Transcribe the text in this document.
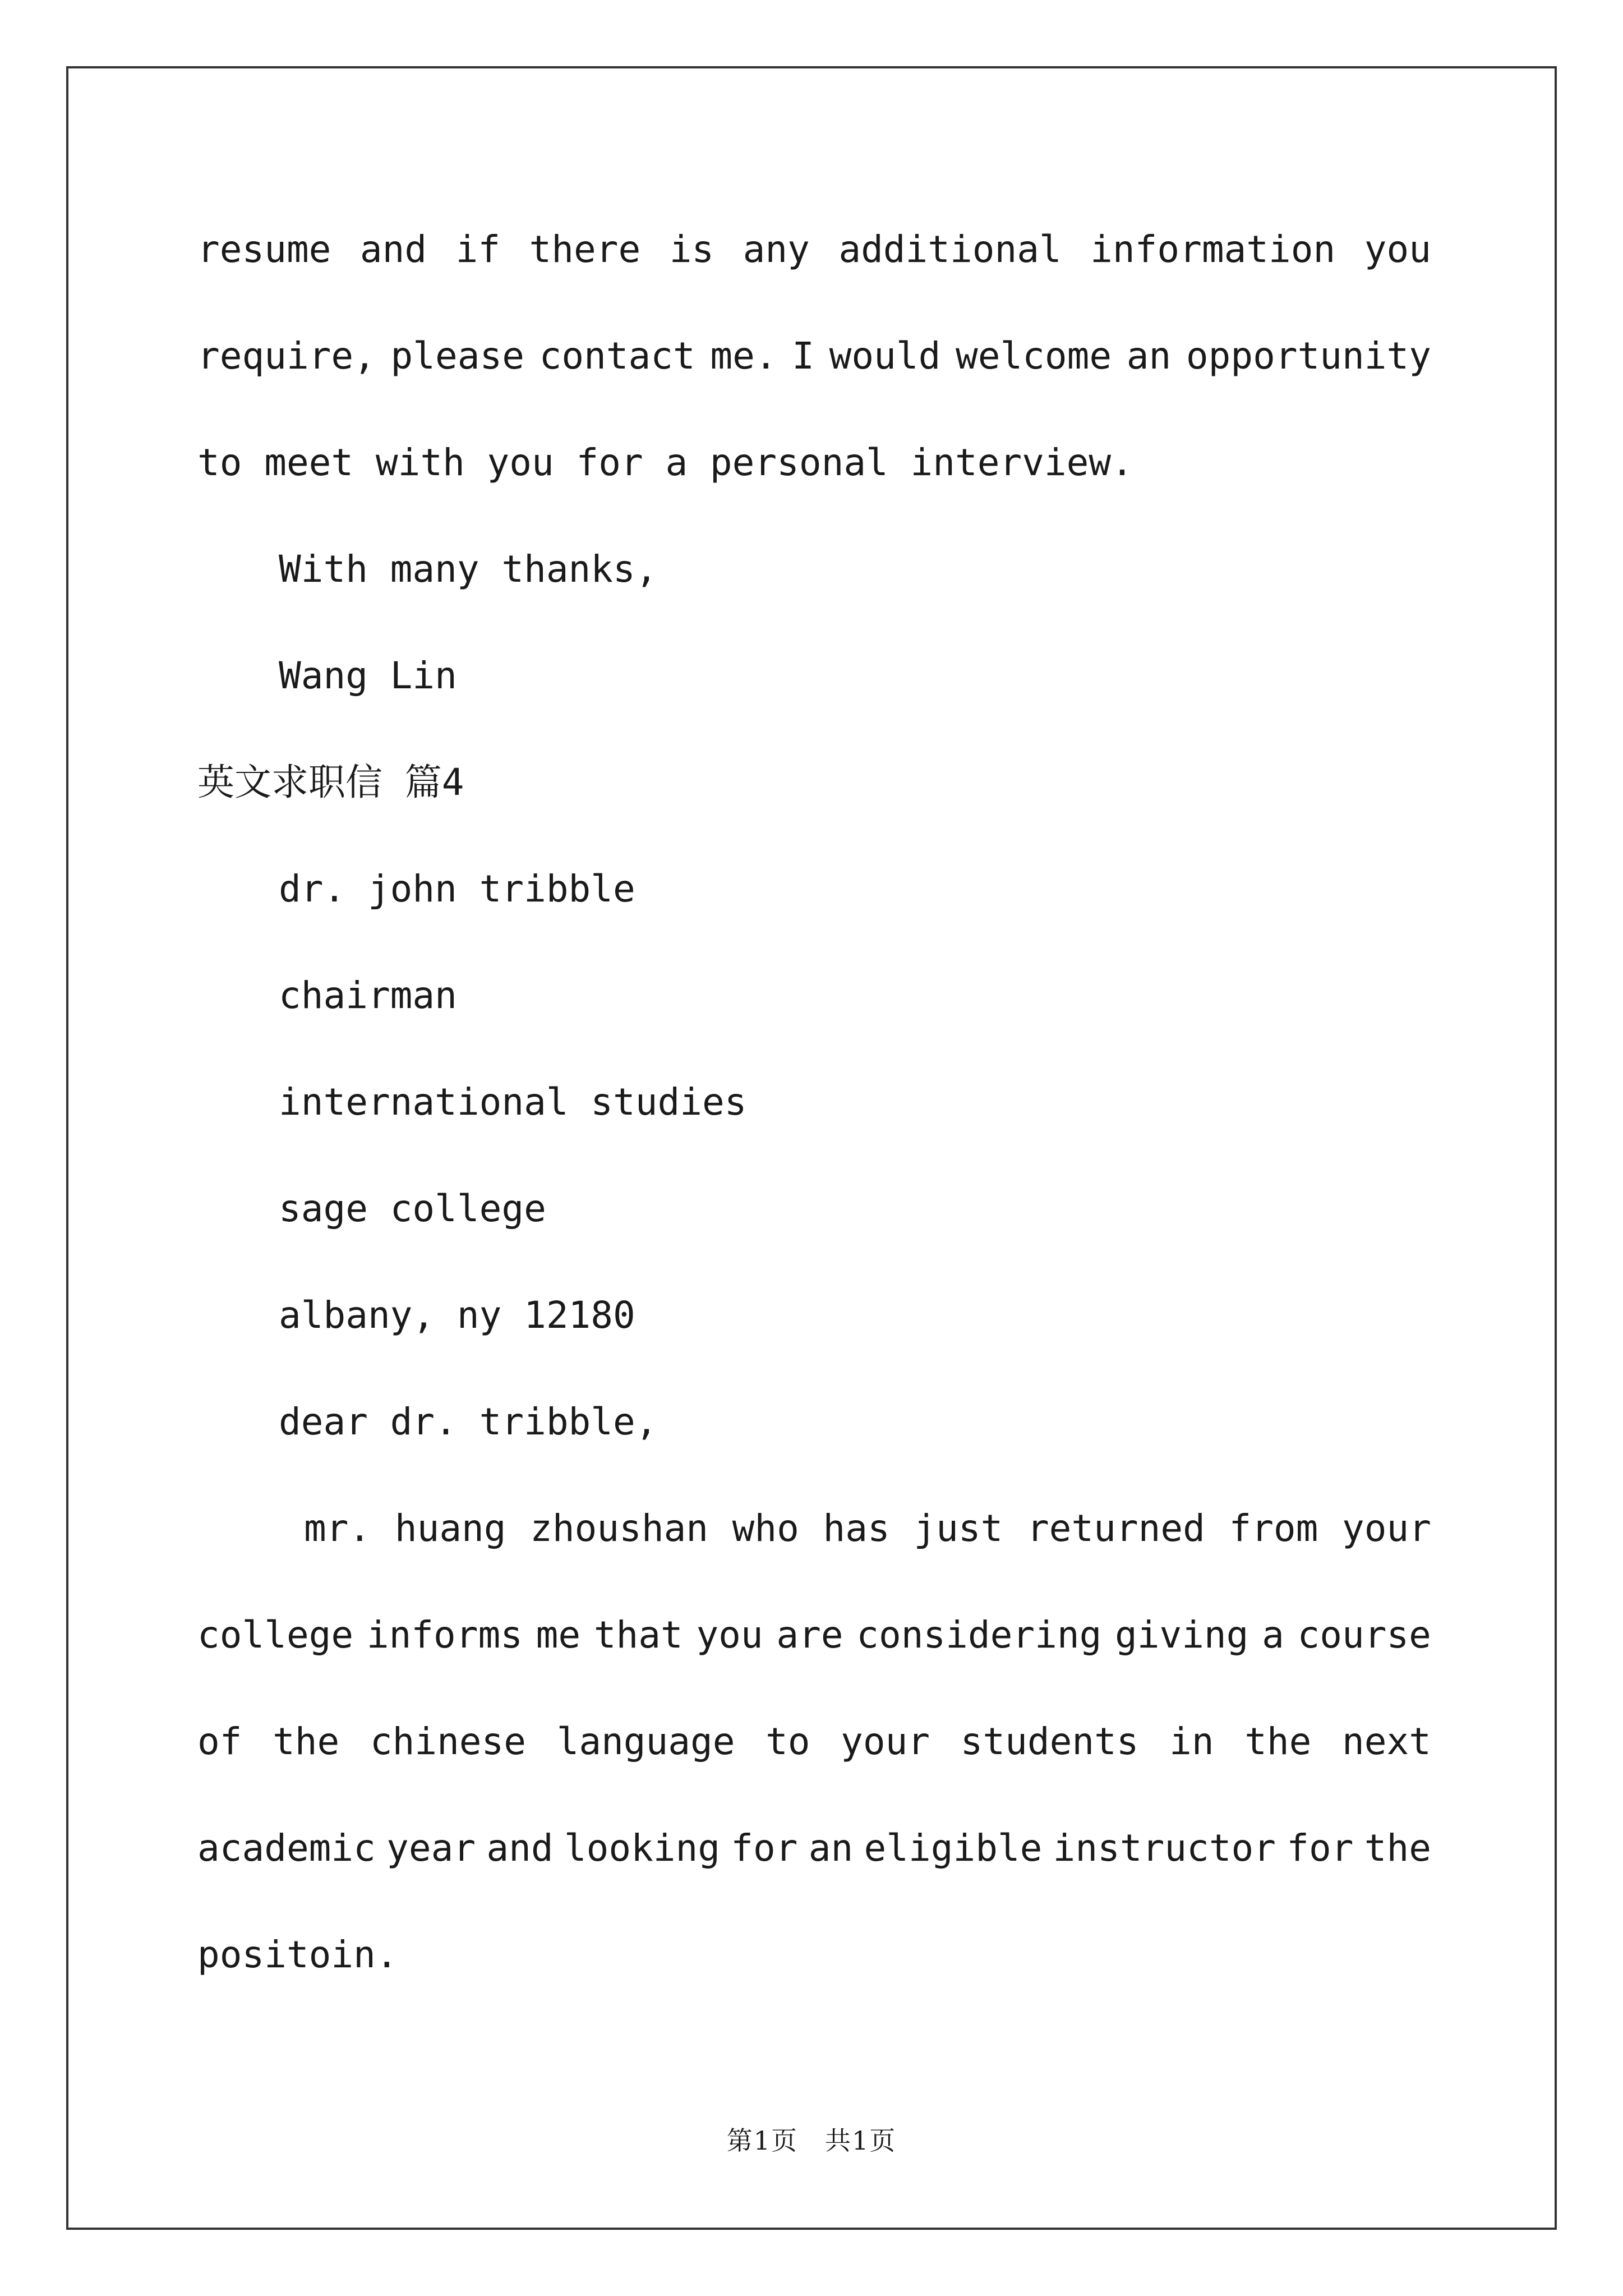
resume and if there is any additional information you
require, please contact me. I would welcome an opportunity
to meet with you for a personal interview.
With many thanks,
Wang Lin
英文求职信 篇4
dr. john tribble
chairman
international studies
sage college
albany, ny 12180
dear dr. tribble,
mr. huang zhoushan who has just returned from your
college informs me that you are considering giving a course
of the chinese language to your students in the next
academic year and looking for an eligible instructor for the
positoin.
第1页　共1页
